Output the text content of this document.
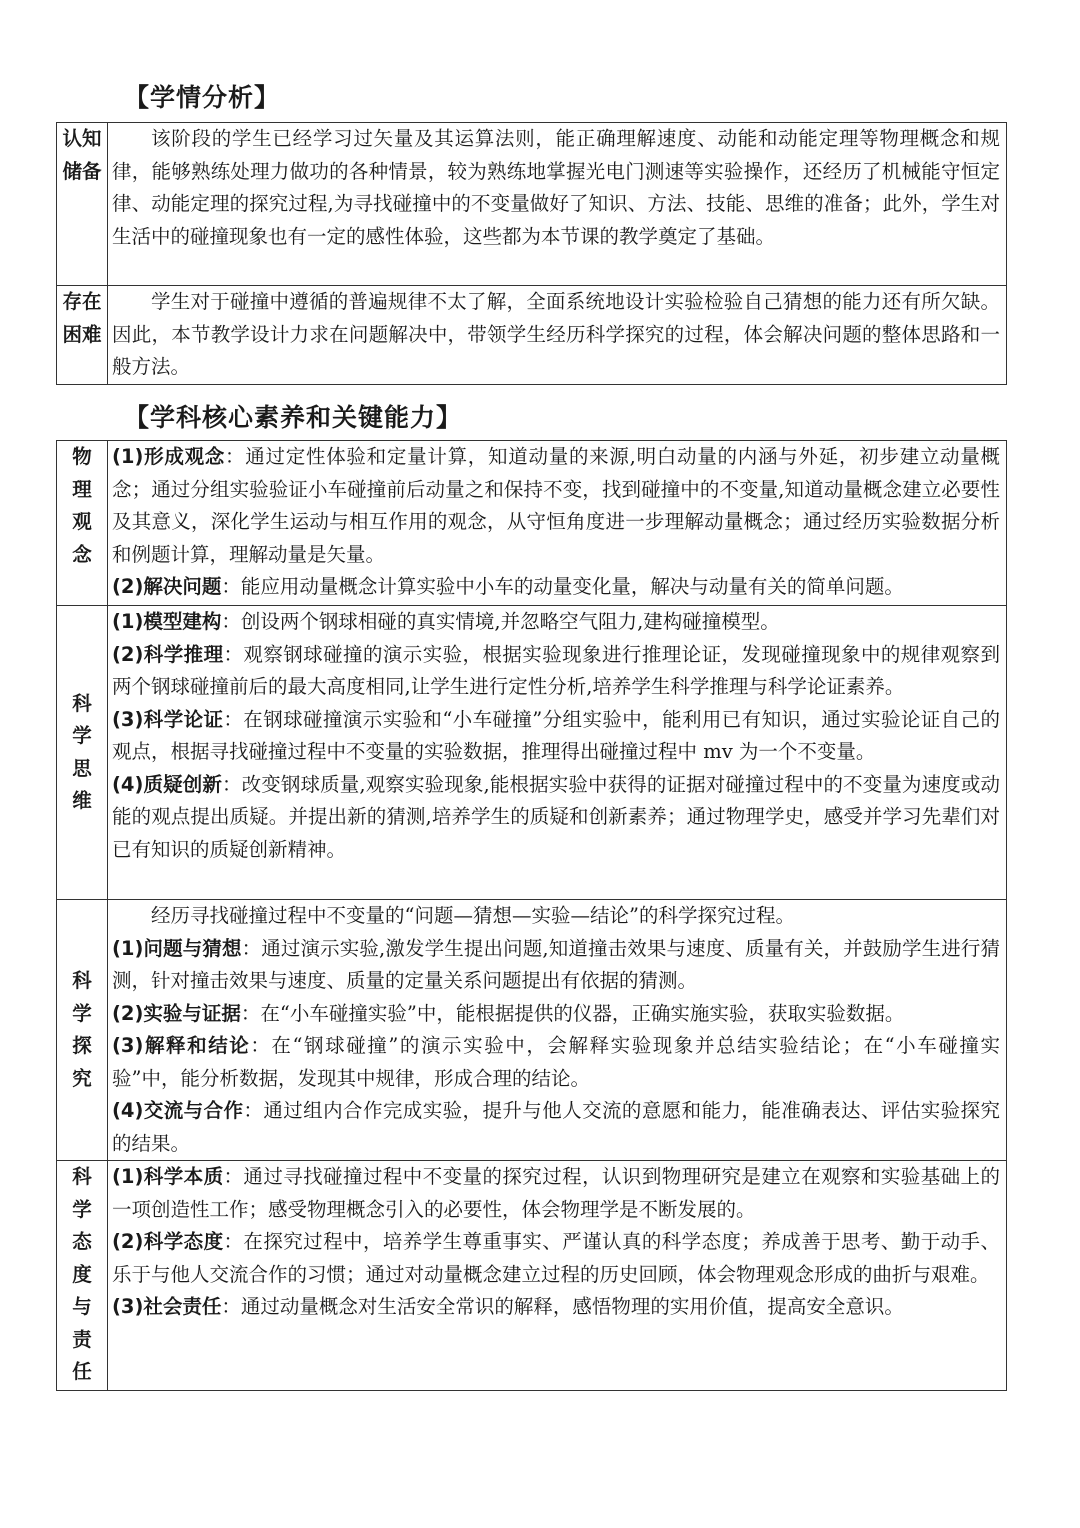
【学情分析】
认知储备	该阶段的学生已经学习过矢量及其运算法则，能正确理解速度、动能和动能定理等物理概念和规律，能够熟练处理力做功的各种情景，较为熟练地掌握光电门测速等实验操作，还经历了机械能守恒定律、动能定理的探究过程,为寻找碰撞中的不变量做好了知识、方法、技能、思维的准备；此外，学生对生活中的碰撞现象也有一定的感性体验，这些都为本节课的教学奠定了基础。

存在困难	学生对于碰撞中遵循的普遍规律不太了解，全面系统地设计实验检验自己猜想的能力还有所欠缺。因此，本节教学设计力求在问题解决中，带领学生经历科学探究的过程，体会解决问题的整体思路和一般方法。

【学科核心素养和关键能力】
物理观念	(1)形成观念：通过定性体验和定量计算，知道动量的来源,明白动量的内涵与外延，初步建立动量概念；通过分组实验验证小车碰撞前后动量之和保持不变，找到碰撞中的不变量,知道动量概念建立必要性及其意义，深化学生运动与相互作用的观念，从守恒角度进一步理解动量概念；通过经历实验数据分析和例题计算，理解动量是矢量。

(2)解决问题：能应用动量概念计算实验中小车的动量变化量，解决与动量有关的简单问题。

科学思维	(1)模型建构：创设两个钢球相碰的真实情境,并忽略空气阻力,建构碰撞模型。

(2)科学推理：观察钢球碰撞的演示实验，根据实验现象进行推理论证，发现碰撞现象中的规律观察到两个钢球碰撞前后的最大高度相同,让学生进行定性分析,培养学生科学推理与科学论证素养。

(3)科学论证：在钢球碰撞演示实验和“小车碰撞”分组实验中，能利用已有知识，通过实验论证自己的观点，根据寻找碰撞过程中不变量的实验数据，推理得出碰撞过程中 mv 为一个不变量。

(4)质疑创新：改变钢球质量,观察实验现象,能根据实验中获得的证据对碰撞过程中的不变量为速度或动能的观点提出质疑。并提出新的猜测,培养学生的质疑和创新素养；通过物理学史，感受并学习先辈们对已有知识的质疑创新精神。

科学探究	经历寻找碰撞过程中不变量的“问题—猜想—实验—结论”的科学探究过程。

(1)问题与猜想：通过演示实验,激发学生提出问题,知道撞击效果与速度、质量有关，并鼓励学生进行猜测，针对撞击效果与速度、质量的定量关系问题提出有依据的猜测。

(2)实验与证据：在“小车碰撞实验”中，能根据提供的仪器，正确实施实验，获取实验数据。

(3)解释和结论：在“钢球碰撞”的演示实验中，会解释实验现象并总结实验结论；在“小车碰撞实验”中，能分析数据，发现其中规律，形成合理的结论。

(4)交流与合作：通过组内合作完成实验，提升与他人交流的意愿和能力，能准确表达、评估实验探究的结果。

科学态度与责任	(1)科学本质：通过寻找碰撞过程中不变量的探究过程，认识到物理研究是建立在观察和实验基础上的一项创造性工作；感受物理概念引入的必要性，体会物理学是不断发展的。

(2)科学态度：在探究过程中，培养学生尊重事实、严谨认真的科学态度；养成善于思考、勤于动手、乐于与他人交流合作的习惯；通过对动量概念建立过程的历史回顾，体会物理观念形成的曲折与艰难。

(3)社会责任：通过动量概念对生活安全常识的解释，感悟物理的实用价值，提高安全意识。
